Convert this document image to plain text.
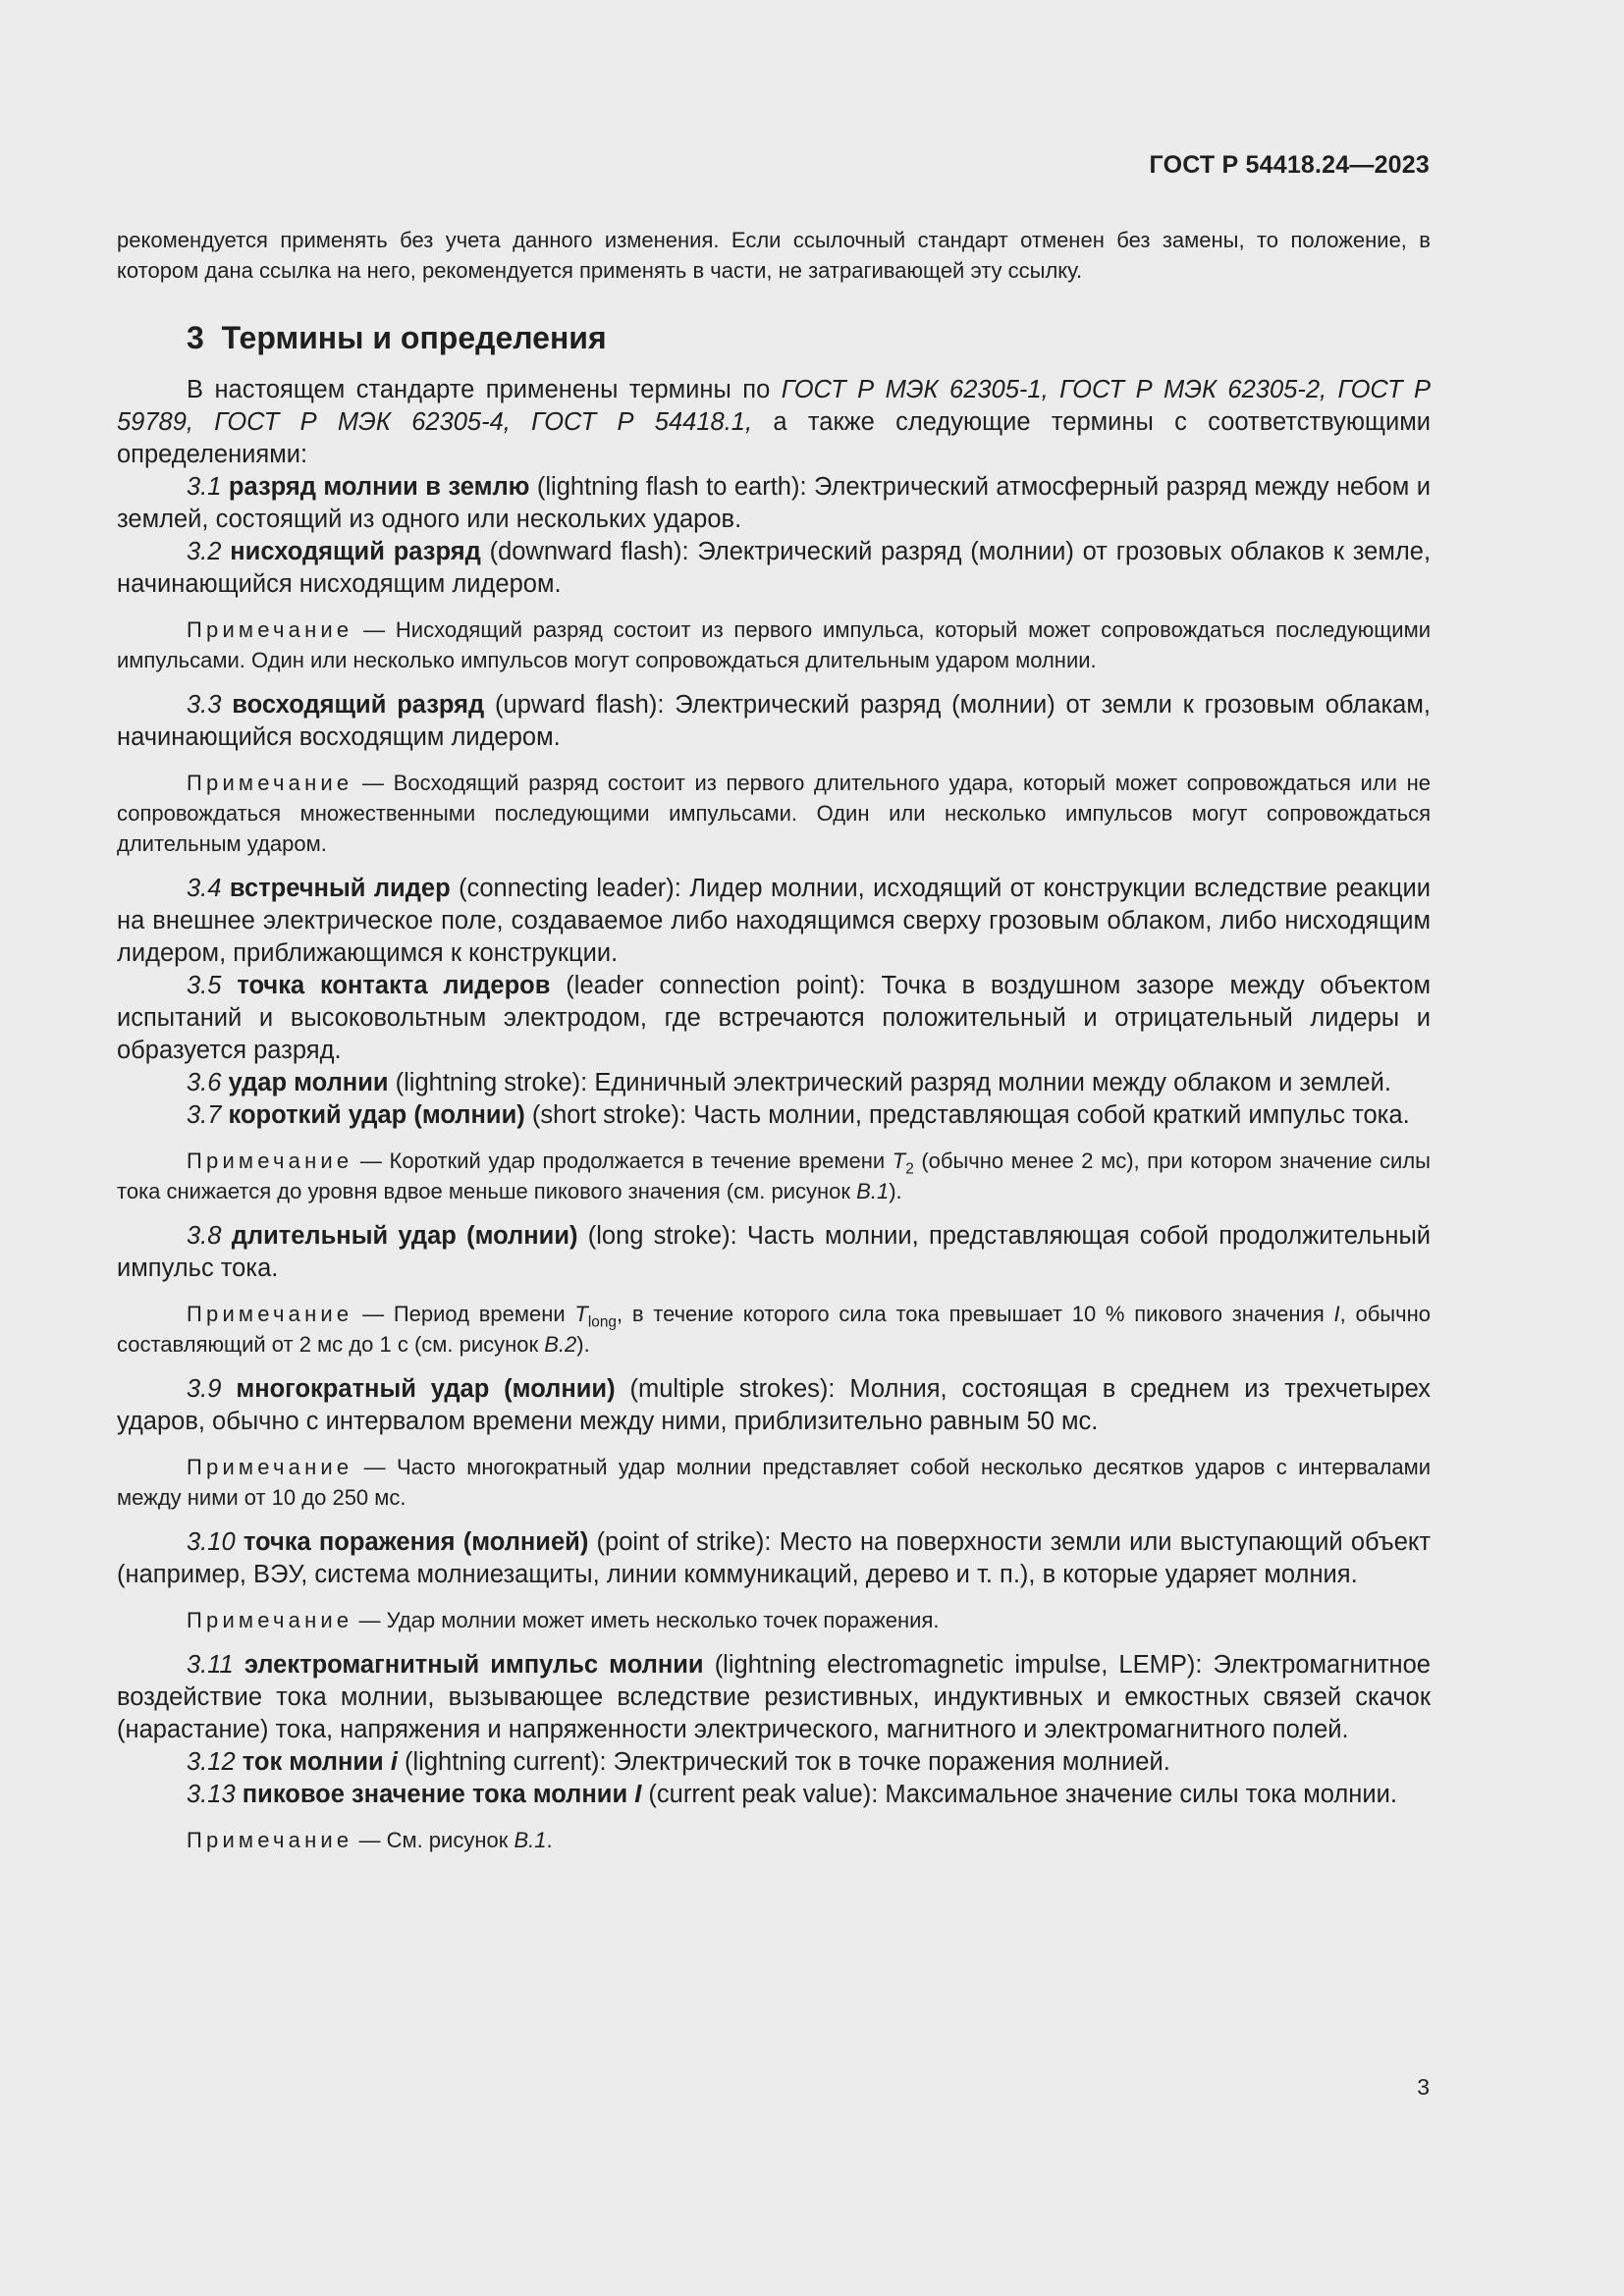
ГОСТ Р 54418.24—2023

рекомендуется применять без учета данного изменения. Если ссылочный стандарт отменен без замены, то положение, в котором дана ссылка на него, рекомендуется применять в части, не затрагивающей эту ссылку.

3 Термины и определения

В настоящем стандарте применены термины по ГОСТ Р МЭК 62305-1, ГОСТ Р МЭК 62305-2, ГОСТ Р 59789, ГОСТ Р МЭК 62305-4, ГОСТ Р 54418.1, а также следующие термины с соответствующими определениями:

3.1 разряд молнии в землю (lightning flash to earth): Электрический атмосферный разряд между небом и землей, состоящий из одного или нескольких ударов.

3.2 нисходящий разряд (downward flash): Электрический разряд (молнии) от грозовых облаков к земле, начинающийся нисходящим лидером.

Примечание — Нисходящий разряд состоит из первого импульса, который может сопровождаться последующими импульсами. Один или несколько импульсов могут сопровождаться длительным ударом молнии.

3.3 восходящий разряд (upward flash): Электрический разряд (молнии) от земли к грозовым облакам, начинающийся восходящим лидером.

Примечание — Восходящий разряд состоит из первого длительного удара, который может сопровождаться или не сопровождаться множественными последующими импульсами. Один или несколько импульсов могут сопровождаться длительным ударом.

3.4 встречный лидер (connecting leader): Лидер молнии, исходящий от конструкции вследствие реакции на внешнее электрическое поле, создаваемое либо находящимся сверху грозовым облаком, либо нисходящим лидером, приближающимся к конструкции.

3.5 точка контакта лидеров (leader connection point): Точка в воздушном зазоре между объектом испытаний и высоковольтным электродом, где встречаются положительный и отрицательный лидеры и образуется разряд.

3.6 удар молнии (lightning stroke): Единичный электрический разряд молнии между облаком и землей.

3.7 короткий удар (молнии) (short stroke): Часть молнии, представляющая собой краткий импульс тока.

Примечание — Короткий удар продолжается в течение времени $T_2$ (обычно менее 2 мс), при котором значение силы тока снижается до уровня вдвое меньше пикового значения (см. рисунок В.1).

3.8 длительный удар (молнии) (long stroke): Часть молнии, представляющая собой продолжительный импульс тока.

Примечание — Период времени $T_{long}$, в течение которого сила тока превышает 10 % пикового значения I, обычно составляющий от 2 мс до 1 с (см. рисунок В.2).

3.9 многократный удар (молнии) (multiple strokes): Молния, состоящая в среднем из трехчетырех ударов, обычно с интервалом времени между ними, приблизительно равным 50 мс.

Примечание — Часто многократный удар молнии представляет собой несколько десятков ударов с интервалами между ними от 10 до 250 мс.

3.10 точка поражения (молнией) (point of strike): Место на поверхности земли или выступающий объект (например, ВЭУ, система молниезащиты, линии коммуникаций, дерево и т. п.), в которые ударяет молния.

Примечание — Удар молнии может иметь несколько точек поражения.

3.11 электромагнитный импульс молнии (lightning electromagnetic impulse, LEMP): Электромагнитное воздействие тока молнии, вызывающее вследствие резистивных, индуктивных и емкостных связей скачок (нарастание) тока, напряжения и напряженности электрического, магнитного и электромагнитного полей.

3.12 ток молнии i (lightning current): Электрический ток в точке поражения молнией.

3.13 пиковое значение тока молнии I (current peak value): Максимальное значение силы тока молнии.

Примечание — См. рисунок В.1.

3
